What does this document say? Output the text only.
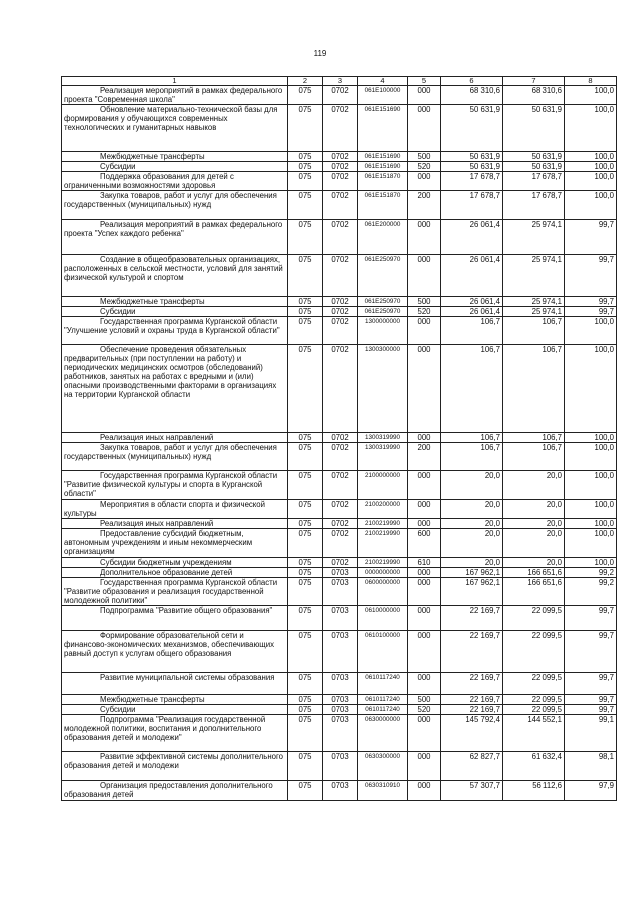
119
1	2	3	4	5	6	7	8
Реализация мероприятий в рамках федерального проекта "Современная школа"	075	0702	061E100000	000	68 310,6	68 310,6	100,0
Обновление материально-технической базы для формирования у обучающихся современных технологических и гуманитарных навыков	075	0702	061E151690	000	50 631,9	50 631,9	100,0
Межбюджетные трансферты	075	0702	061E151690	500	50 631,9	50 631,9	100,0
Субсидии	075	0702	061E151690	520	50 631,9	50 631,9	100,0
Поддержка образования для детей с ограниченными возможностями здоровья	075	0702	061E151870	000	17 678,7	17 678,7	100,0
Закупка товаров, работ и услуг для обеспечения государственных (муниципальных) нужд	075	0702	061E151870	200	17 678,7	17 678,7	100,0
Реализация мероприятий в рамках федерального проекта "Успех каждого ребенка"	075	0702	061E200000	000	26 061,4	25 974,1	99,7
Создание в общеобразовательных организациях, расположенных в сельской местности, условий для занятий физической культурой и спортом	075	0702	061E250970	000	26 061,4	25 974,1	99,7
Межбюджетные трансферты	075	0702	061E250970	500	26 061,4	25 974,1	99,7
Субсидии	075	0702	061E250970	520	26 061,4	25 974,1	99,7
Государственная программа Курганской области "Улучшение условий и охраны труда в Курганской области"	075	0702	1300000000	000	106,7	106,7	100,0
Обеспечение проведения обязательных предварительных (при поступлении на работу) и периодических медицинских осмотров (обследований) работников, занятых на работах с вредными и (или) опасными производственными факторами в организациях на территории Курганской области	075	0702	1300300000	000	106,7	106,7	100,0
Реализация иных направлений	075	0702	1300319990	000	106,7	106,7	100,0
Закупка товаров, работ и услуг для обеспечения государственных (муниципальных) нужд	075	0702	1300319990	200	106,7	106,7	100,0
Государственная программа Курганской области "Развитие физической культуры и спорта в Курганской области"	075	0702	2100000000	000	20,0	20,0	100,0
Мероприятия в области спорта и физической культуры	075	0702	2100200000	000	20,0	20,0	100,0
Реализация иных направлений	075	0702	2100219990	000	20,0	20,0	100,0
Предоставление субсидий бюджетным, автономным учреждениям и иным некоммерческим организациям	075	0702	2100219990	600	20,0	20,0	100,0
Субсидии бюджетным учреждениям	075	0702	2100219990	610	20,0	20,0	100,0
Дополнительное образование детей	075	0703	0000000000	000	167 962,1	166 651,6	99,2
Государственная программа Курганской области "Развитие образования и реализация государственной молодежной политики"	075	0703	0600000000	000	167 962,1	166 651,6	99,2
Подпрограмма "Развитие общего образования"	075	0703	0610000000	000	22 169,7	22 099,5	99,7
Формирование образовательной сети и финансово-экономических механизмов, обеспечивающих равный доступ к услугам общего образования	075	0703	0610100000	000	22 169,7	22 099,5	99,7
Развитие муниципальной системы образования	075	0703	0610117240	000	22 169,7	22 099,5	99,7
Межбюджетные трансферты	075	0703	0610117240	500	22 169,7	22 099,5	99,7
Субсидии	075	0703	0610117240	520	22 169,7	22 099,5	99,7
Подпрограмма "Реализация государственной молодежной политики, воспитания и дополнительного образования детей и молодежи"	075	0703	0630000000	000	145 792,4	144 552,1	99,1
Развитие эффективной системы дополнительного образования детей и молодежи	075	0703	0630300000	000	62 827,7	61 632,4	98,1
Организация предоставления дополнительного образования детей	075	0703	0630310910	000	57 307,7	56 112,6	97,9
